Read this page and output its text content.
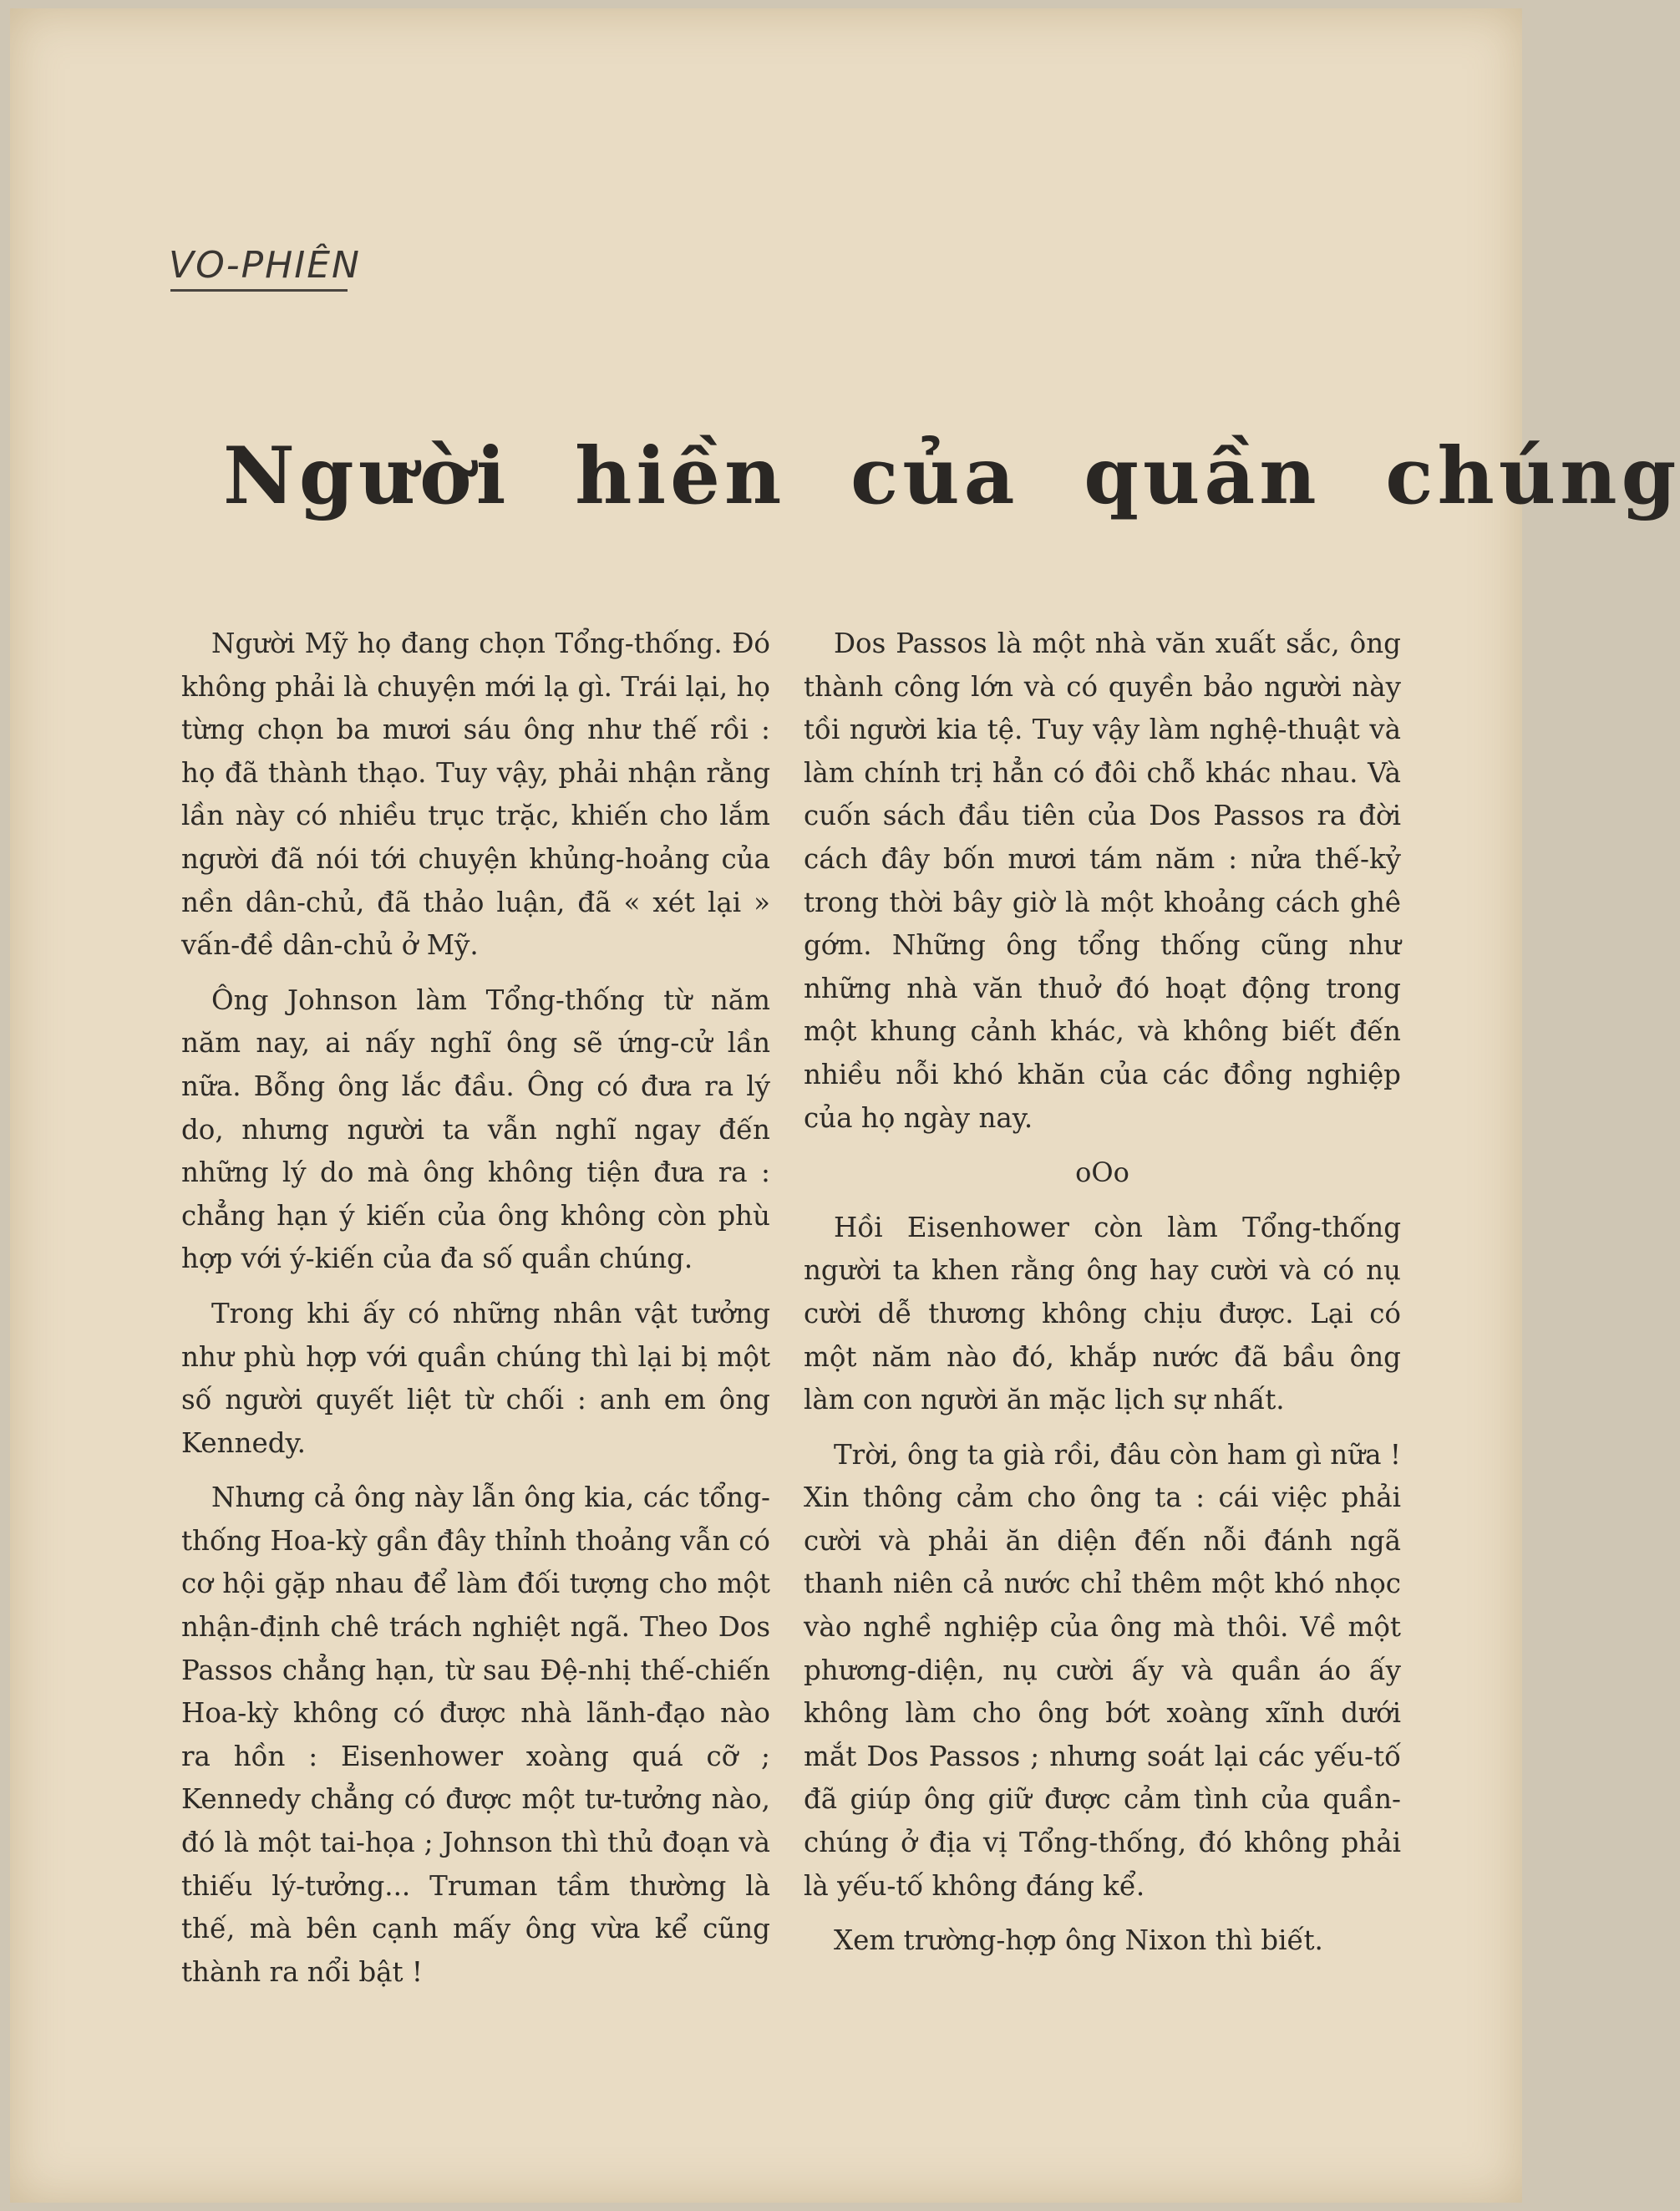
VO-PHIÊN
Người hiền của quần chúng

Người Mỹ họ đang chọn Tổng-thống. Đó không phải là chuyện mới lạ gì. Trái lại, họ từng chọn ba mươi sáu ông như thế rồi : họ đã thành thạo. Tuy vậy, phải nhận rằng lần này có nhiều trục trặc, khiến cho lắm người đã nói tới chuyện khủng-hoảng của nền dân-chủ, đã thảo luận, đã « xét lại » vấn-đề dân-chủ ở Mỹ.

Ông Johnson làm Tổng-thống từ năm năm nay, ai nấy nghĩ ông sẽ ứng-cử lần nữa. Bỗng ông lắc đầu. Ông có đưa ra lý do, nhưng người ta vẫn nghĩ ngay đến những lý do mà ông không tiện đưa ra : chẳng hạn ý kiến của ông không còn phù hợp với ý-kiến của đa số quần chúng.

Trong khi ấy có những nhân vật tưởng như phù hợp với quần chúng thì lại bị một số người quyết liệt từ chối : anh em ông Kennedy.

Nhưng cả ông này lẫn ông kia, các tổng-thống Hoa-kỳ gần đây thỉnh thoảng vẫn có cơ hội gặp nhau để làm đối tượng cho một nhận-định chê trách nghiệt ngã. Theo Dos Passos chẳng hạn, từ sau Đệ-nhị thế-chiến Hoa-kỳ không có được nhà lãnh-đạo nào ra hồn : Eisenhower xoàng quá cỡ ; Kennedy chẳng có được một tư-tưởng nào, đó là một tai-họa ; Johnson thì thủ đoạn và thiếu lý-tưởng... Truman tầm thường là thế, mà bên cạnh mấy ông vừa kể cũng thành ra nổi bật !

Dos Passos là một nhà văn xuất sắc, ông thành công lớn và có quyền bảo người này tồi người kia tệ. Tuy vậy làm nghệ-thuật và làm chính trị hẳn có đôi chỗ khác nhau. Và cuốn sách đầu tiên của Dos Passos ra đời cách đây bốn mươi tám năm : nửa thế-kỷ trong thời bây giờ là một khoảng cách ghê gớm. Những ông tổng thống cũng như những nhà văn thuở đó hoạt động trong một khung cảnh khác, và không biết đến nhiều nỗi khó khăn của các đồng nghiệp của họ ngày nay.

oOo

Hồi Eisenhower còn làm Tổng-thống người ta khen rằng ông hay cười và có nụ cười dễ thương không chịu được. Lại có một năm nào đó, khắp nước đã bầu ông làm con người ăn mặc lịch sự nhất.

Trời, ông ta già rồi, đâu còn ham gì nữa ! Xin thông cảm cho ông ta : cái việc phải cười và phải ăn diện đến nỗi đánh ngã thanh niên cả nước chỉ thêm một khó nhọc vào nghề nghiệp của ông mà thôi. Về một phương-diện, nụ cười ấy và quần áo ấy không làm cho ông bớt xoàng xĩnh dưới mắt Dos Passos ; nhưng soát lại các yếu-tố đã giúp ông giữ được cảm tình của quần-chúng ở địa vị Tổng-thống, đó không phải là yếu-tố không đáng kể.

Xem trường-hợp ông Nixon thì biết.
